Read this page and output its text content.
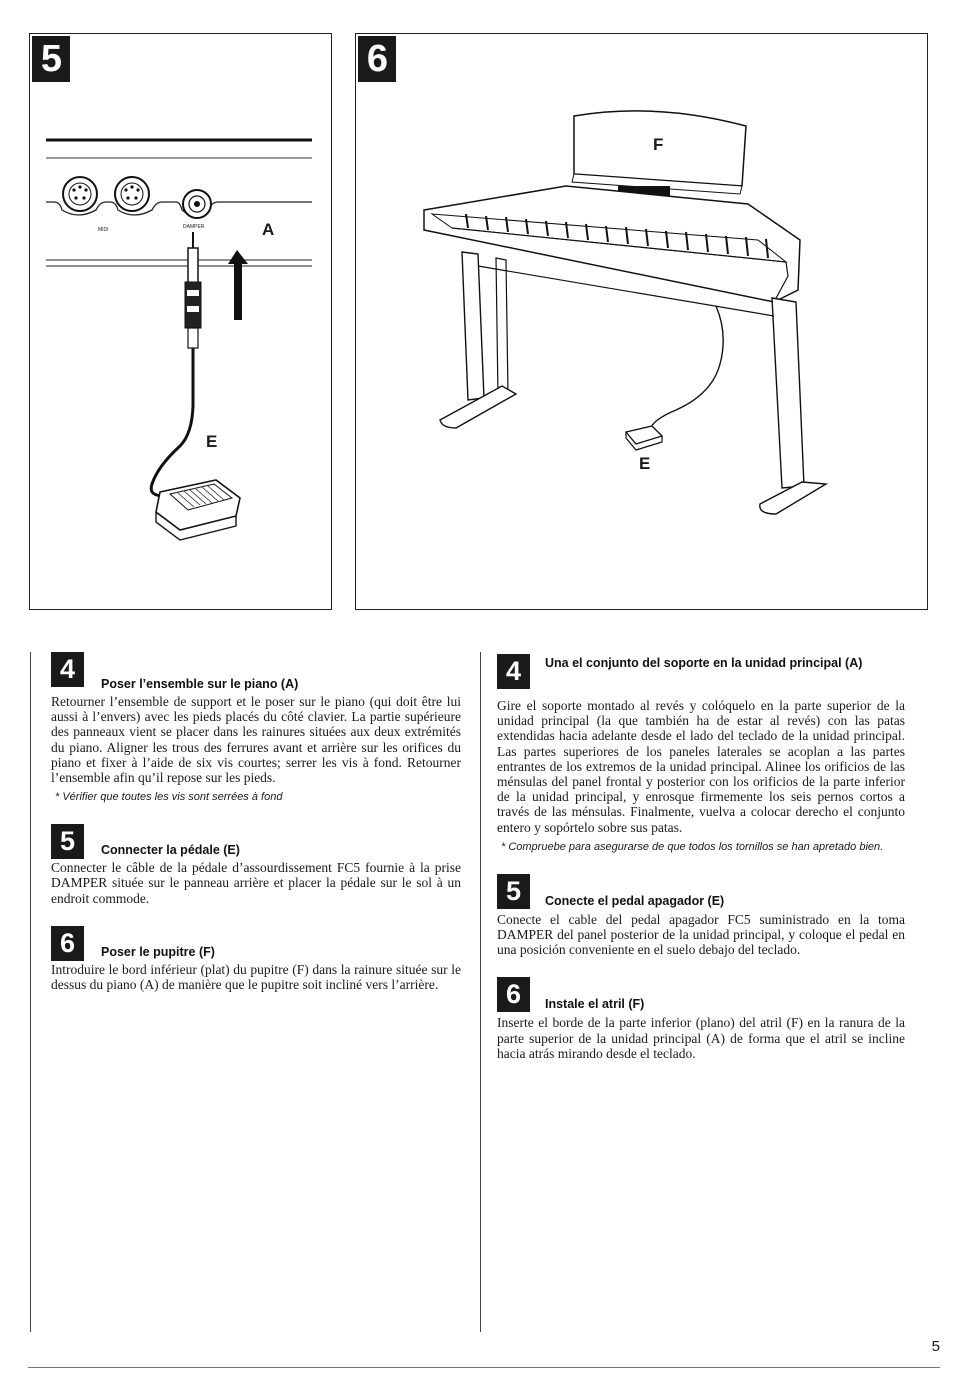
5
MIDI	DAMPER	A
E
6
F
E
4	Poser l’ensemble sur le piano (A)

Retourner l’ensemble de support et le poser sur le piano (qui doit être lui aussi à l’envers) avec les pieds placés du côté clavier. La partie supérieure des panneaux vient se placer dans les rainures situées aux deux extrémités du piano. Aligner les trous des ferrures avant et arrière sur les orifices du piano et fixer à l’aide de six vis courtes; serrer les vis à fond. Retourner l’ensemble afin qu’il repose sur les pieds.

* Vérifier que toutes les vis sont serrées à fond

5	Connecter la pédale (E)

Connecter le câble de la pédale d’assourdissement FC5 fournie à la prise DAMPER située sur le panneau arrière et placer la pédale sur le sol à un endroit commode.

6	Poser le pupitre (F)

Introduire le bord inférieur (plat) du pupitre (F) dans la rainure située sur le dessus du piano (A) de manière que le pupitre soit incliné vers l’arrière.

4	Una el conjunto del soporte en la unidad principal (A)

Gire el soporte montado al revés y colóquelo en la parte superior de la unidad principal (la que también ha de estar al revés) con las patas extendidas hacia adelante desde el lado del teclado de la unidad principal. Las partes superiores de los paneles laterales se acoplan a las partes entrantes de los extremos de la unidad principal. Alinee los orificios de las ménsulas del panel frontal y posterior con los orificios de la parte inferior de la unidad principal, y enrosque firmemente los seis pernos cortos a través de las ménsulas. Finalmente, vuelva a colocar derecho el conjunto entero y sopórtelo sobre sus patas.

* Compruebe para asegurarse de que todos los tornillos se han apretado bien.

5	Conecte el pedal apagador (E)

Conecte el cable del pedal apagador FC5 suministrado en la toma DAMPER del panel posterior de la unidad principal, y coloque el pedal en una posición conveniente en el suelo debajo del teclado.

6	Instale el atril (F)

Inserte el borde de la parte inferior (plano) del atril (F) en la ranura de la parte superior de la unidad principal (A) de forma que el atril se incline hacia atrás mirando desde el teclado.

5
